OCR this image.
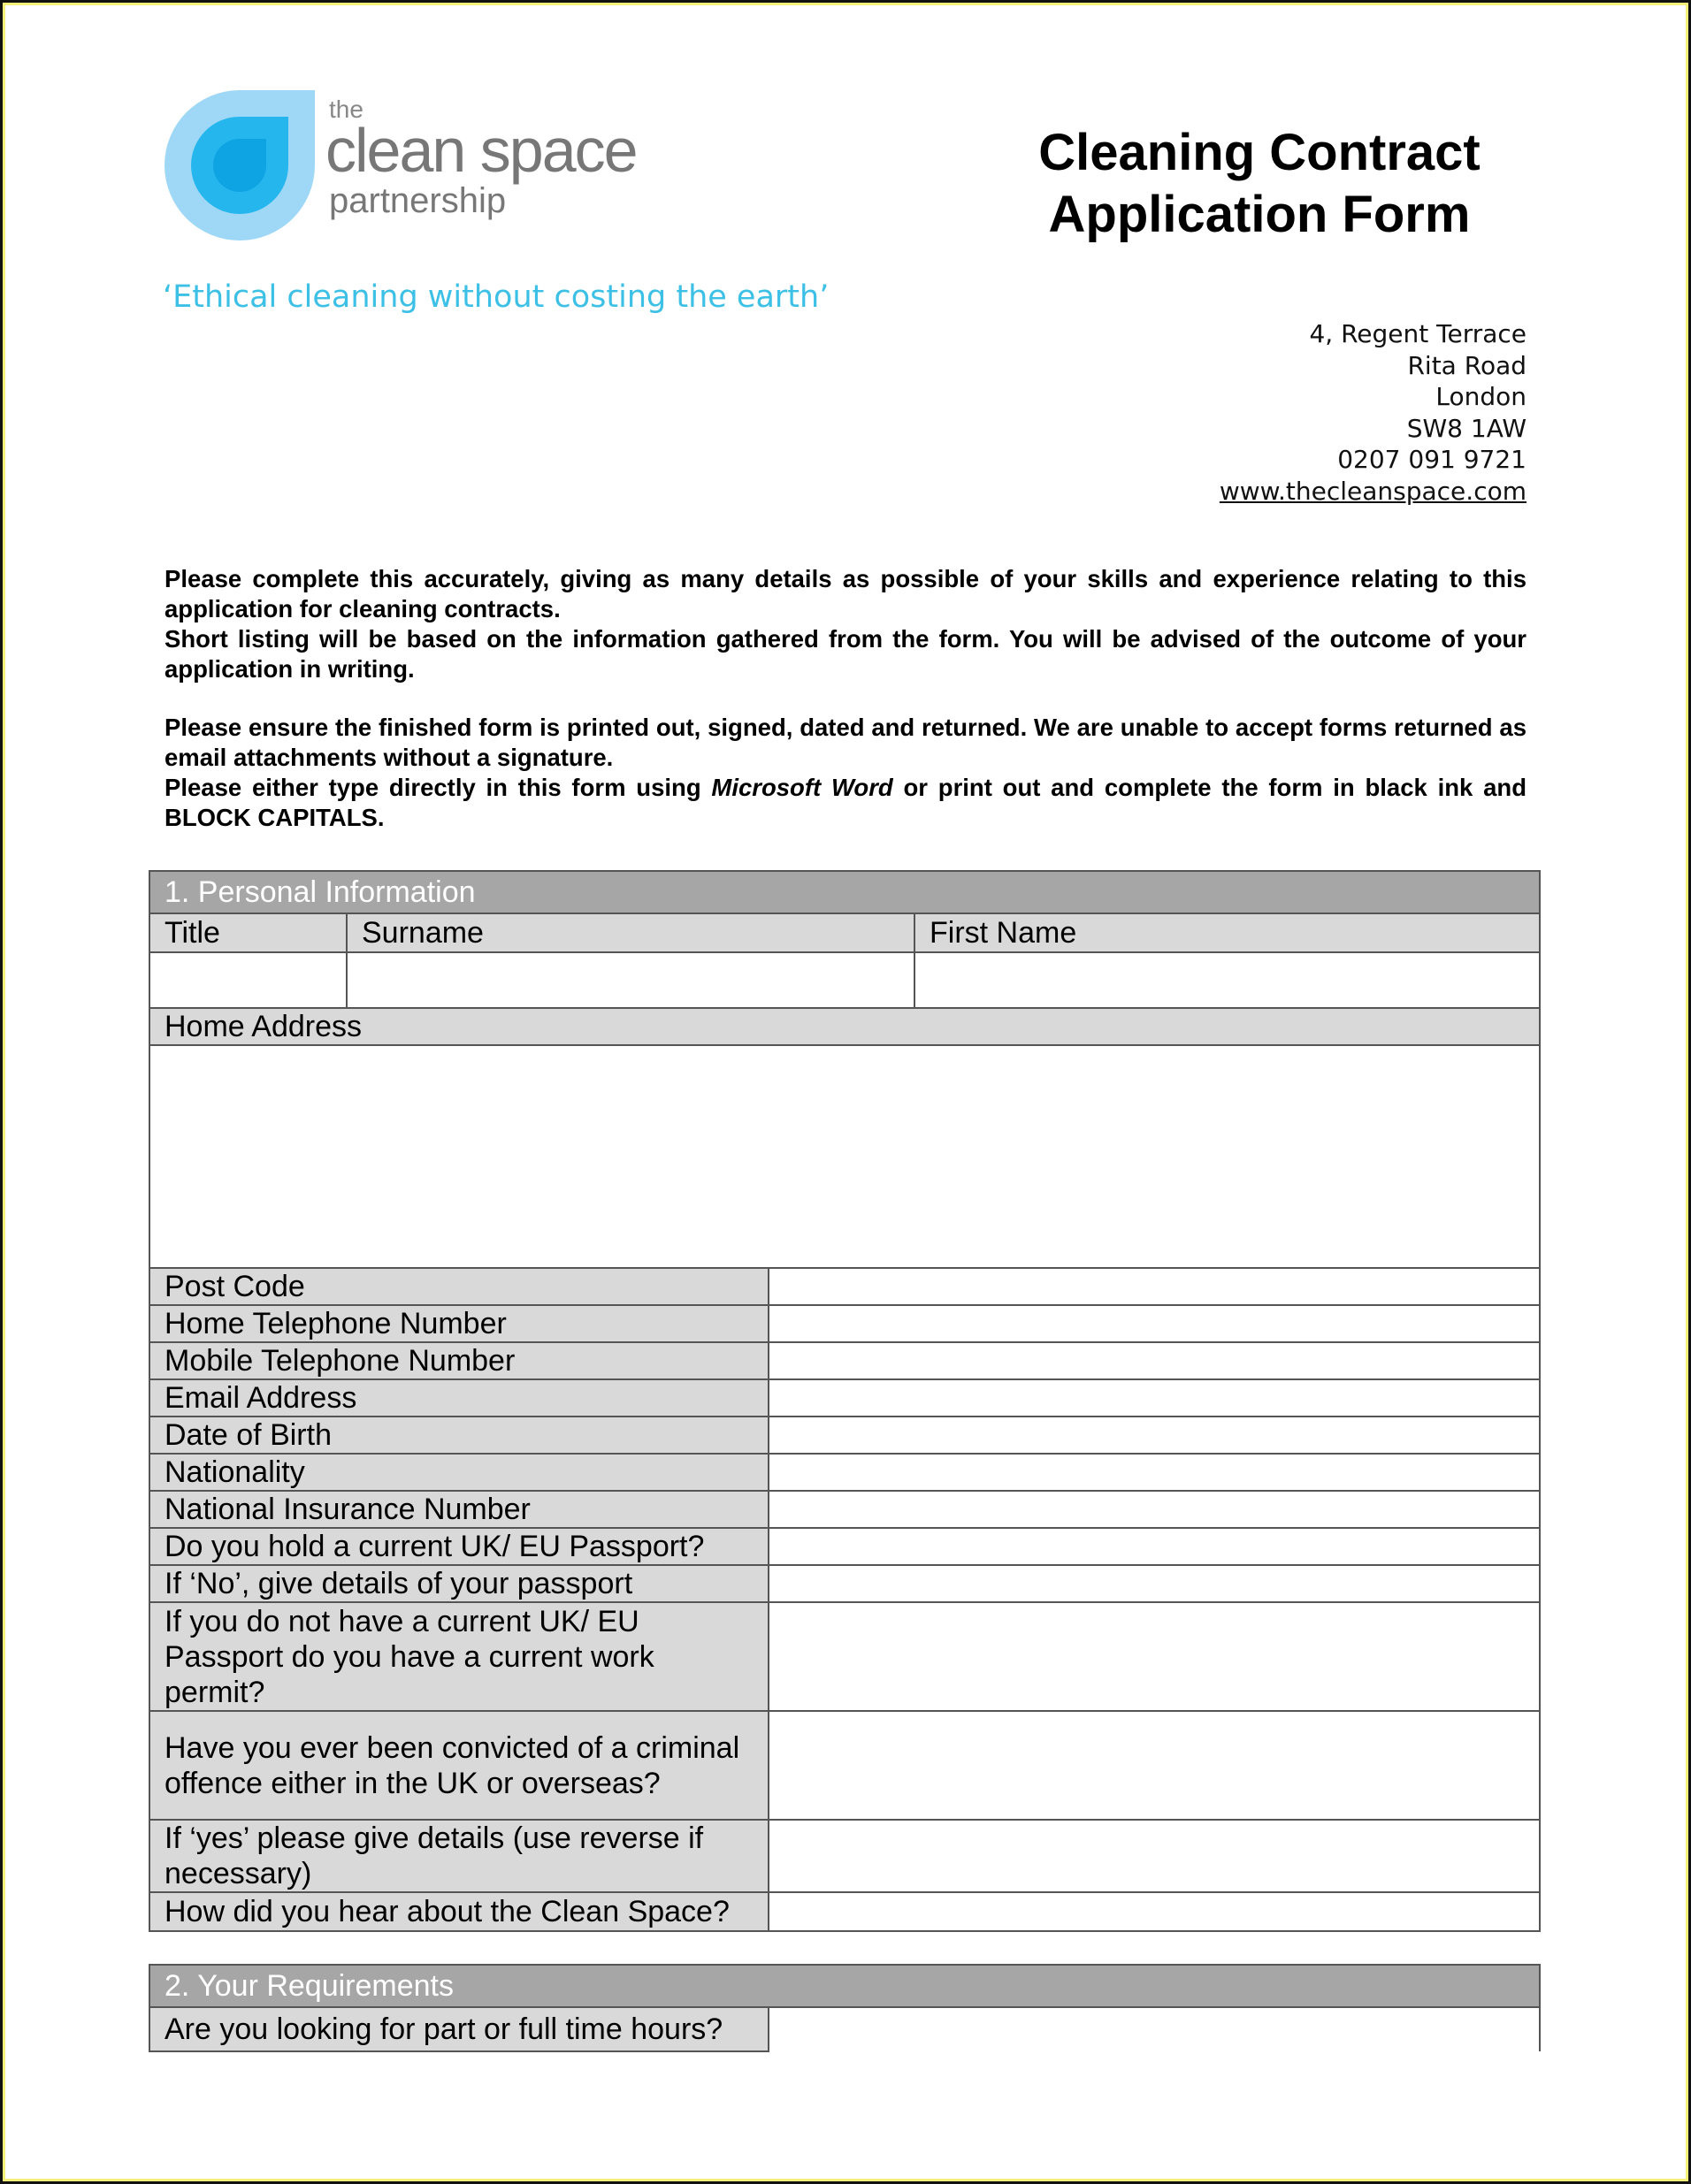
the
clean space
partnership
Cleaning Contract
Application Form
‘Ethical cleaning without costing the earth’
4, Regent Terrace
Rita Road
London
SW8 1AW
0207 091 9721
www.thecleanspace.com

Please complete this accurately, giving as many details as possible of your skills and experience relating to this application for cleaning contracts.

Short listing will be based on the information gathered from the form. You will be advised of the outcome of your application in writing.

Please ensure the finished form is printed out, signed, dated and returned. We are unable to accept forms returned as email attachments without a signature.

Please either type directly in this form using Microsoft Word or print out and complete the form in black ink and BLOCK CAPITALS.

1. Personal Information			
Title	Surname		First Name

Home Address			

Post Code			
Home Telephone Number			
Mobile Telephone Number			
Email Address			
Date of Birth			
Nationality			
National Insurance Number			
Do you hold a current UK/ EU Passport?			
If ‘No’, give details of your passport			
If you do not have a current UK/ EU Passport do you have a current work permit?			
Have you ever been convicted of a criminal offence either in the UK or overseas?			
If ‘yes’ please give details (use reverse if necessary)			
How did you hear about the Clean Space?			
2. Your Requirements
Are you looking for part or full time hours?	
